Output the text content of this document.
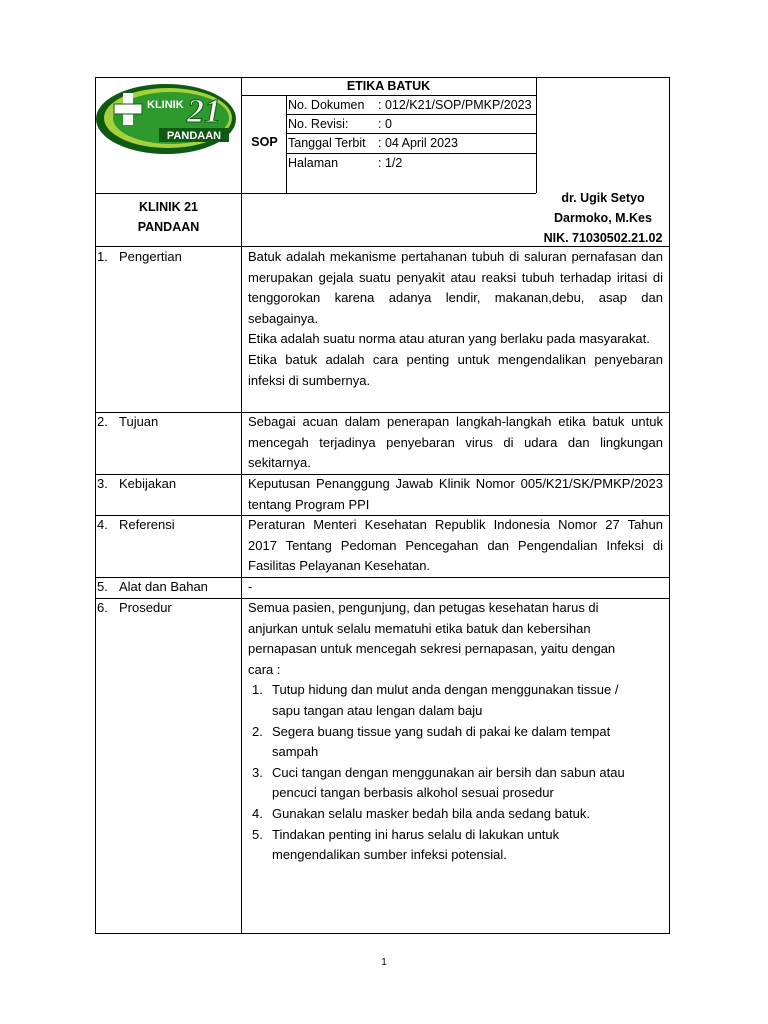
PANDAAN
KLINIK 21
ETIKA BATUK
SOP
No. Dokumen : 012/K21/SOP/PMKP/2023
No. Revisi: : 0
Tanggal Terbit : 04 April 2023
Halaman	: 1/2
KLINIK 21
PANDAAN
dr. Ugik Setyo
Darmoko, M.Kes
NIK. 71030502.21.02
1. Pengertian
2. Tujuan
3. Kebijakan
4. Referensi
5. Alat dan Bahan
6. Prosedur

Batuk adalah mekanisme pertahanan tubuh di saluran pernafasan dan merupakan gejala suatu penyakit atau reaksi tubuh terhadap iritasi di tenggorokan karena adanya lendir, makanan,debu, asap dan sebagainya.

Etika adalah suatu norma atau aturan yang berlaku pada masyarakat.

Etika batuk adalah cara penting untuk mengendalikan penyebaran infeksi di sumbernya.

Sebagai acuan dalam penerapan langkah-langkah etika batuk untuk mencegah terjadinya penyebaran virus di udara dan lingkungan sekitarnya.

Keputusan Penanggung Jawab Klinik Nomor 005/K21/SK/PMKP/2023 tentang Program PPI

Peraturan Menteri Kesehatan Republik Indonesia Nomor 27 Tahun 2017 Tentang Pedoman Pencegahan dan Pengendalian Infeksi di Fasilitas Pelayanan Kesehatan.

-

Semua pasien, pengunjung, dan petugas kesehatan harus di anjurkan untuk selalu mematuhi etika batuk dan kebersihan pernapasan untuk mencegah sekresi pernapasan, yaitu dengan cara :

1. Tutup hidung dan mulut anda dengan menggunakan tissue / sapu tangan atau lengan dalam baju
2. Segera buang tissue yang sudah di pakai ke dalam tempat sampah
3. Cuci tangan dengan menggunakan air bersih dan sabun atau pencuci tangan berbasis alkohol sesuai prosedur
4. Gunakan selalu masker bedah bila anda sedang batuk.
5. Tindakan penting ini harus selalu di lakukan untuk mengendalikan sumber infeksi potensial.
1
